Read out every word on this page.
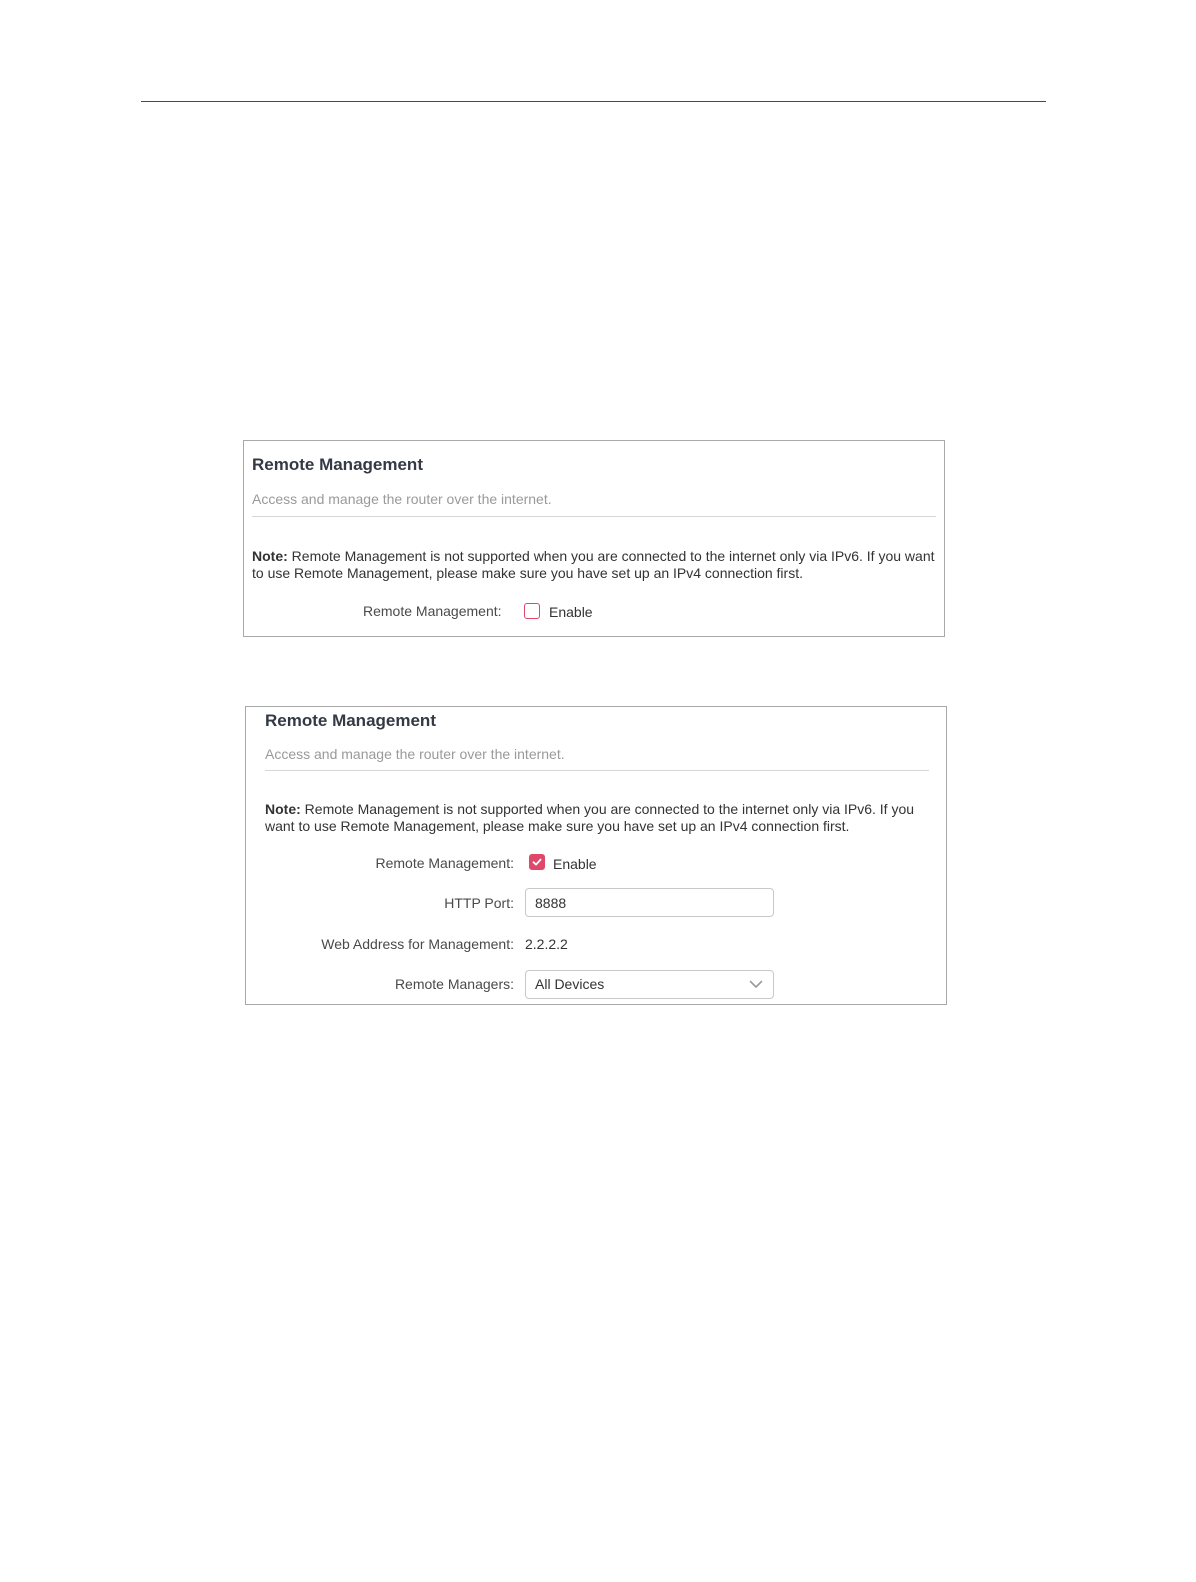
Remote Management
Access and manage the router over the internet.
Note: Remote Management is not supported when you are connected to the internet only via IPv6. If you want to use Remote Management, please make sure you have set up an IPv4 connection first.
Remote Management:	Enable
Remote Management
Access and manage the router over the internet.
Note: Remote Management is not supported when you are connected to the internet only via IPv6. If you want to use Remote Management, please make sure you have set up an IPv4 connection first.
Remote Management:	Enable
HTTP Port:
8888
Web Address for Management: 2.2.2.2
Remote Managers: All Devices
